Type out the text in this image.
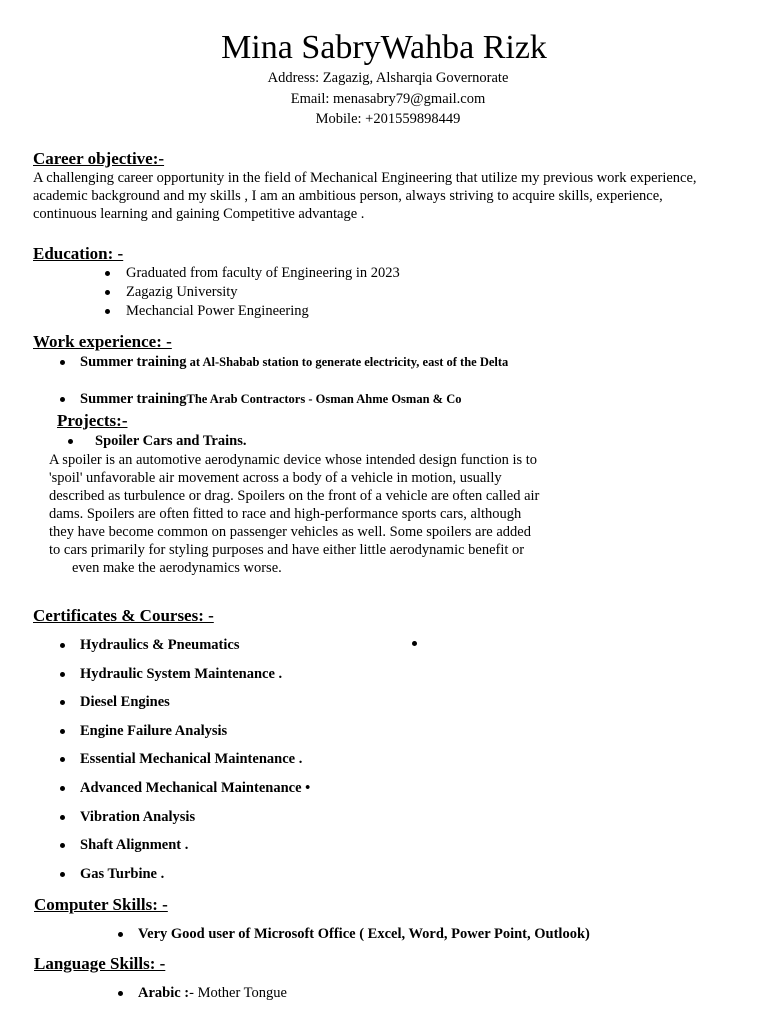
Mina SabryWahba Rizk
Address: Zagazig, Alsharqia Governorate
Email: menasabry79@gmail.com
Mobile: +201559898449
Career objective:-
A challenging career opportunity in the field of Mechanical Engineering that utilize my previous work experience,
academic background and my skills , I am an ambitious person, always striving to acquire skills, experience,
continuous learning and gaining Competitive advantage .
Education: -
Graduated from faculty of Engineering in 2023
Zagazig University
Mechancial Power Engineering
Work experience: -
Summer training at Al-Shabab station to generate electricity, east of the Delta
Summer trainingThe Arab Contractors - Osman Ahme Osman & Co
Projects:-
Spoiler Cars and Trains.
A spoiler is an automotive aerodynamic device whose intended design function is to
'spoil' unfavorable air movement across a body of a vehicle in motion, usually
described as turbulence or drag. Spoilers on the front of a vehicle are often called air
dams. Spoilers are often fitted to race and high-performance sports cars, although
they have become common on passenger vehicles as well. Some spoilers are added
to cars primarily for styling purposes and have either little aerodynamic benefit or
even make the aerodynamics worse.
Certificates & Courses: -
Hydraulics & Pneumatics
Hydraulic System Maintenance .
Diesel Engines
Engine Failure Analysis
Essential Mechanical Maintenance .
Advanced Mechanical Maintenance •
Vibration Analysis
Shaft Alignment .
Gas Turbine .
Computer Skills: -
Very Good user of Microsoft Office ( Excel, Word, Power Point, Outlook)
Language Skills: -
Arabic :- Mother Tongue
